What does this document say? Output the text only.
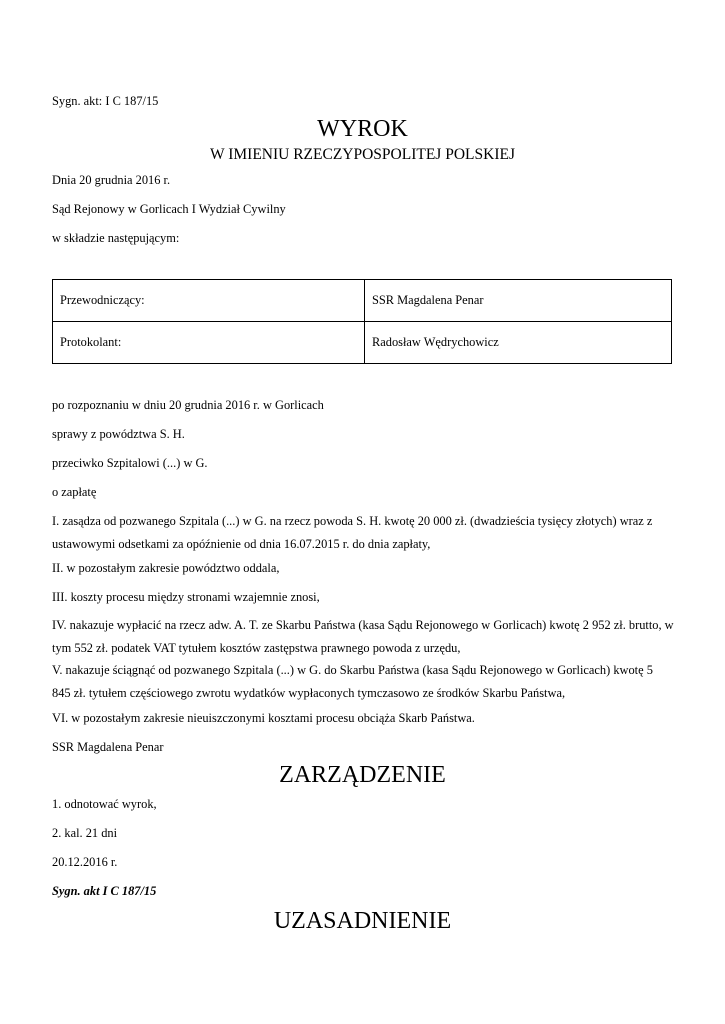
Sygn. akt: I C 187/15
WYROK
W IMIENIU RZECZYPOSPOLITEJ POLSKIEJ
Dnia 20 grudnia 2016 r.
Sąd Rejonowy w Gorlicach I Wydział Cywilny
w składzie następującym:
Przewodniczący:	SSR Magdalena Penar
Protokolant:	Radosław Wędrychowicz
po rozpoznaniu w dniu 20 grudnia 2016 r. w Gorlicach
sprawy z powództwa S. H.
przeciwko Szpitalowi (...) w G.
o zapłatę
I. zasądza od pozwanego Szpitala (...) w G. na rzecz powoda S. H. kwotę 20 000 zł. (dwadzieścia tysięcy złotych) wraz z ustawowymi odsetkami za opóźnienie od dnia 16.07.2015 r. do dnia zapłaty,
II. w pozostałym zakresie powództwo oddala,
III. koszty procesu między stronami wzajemnie znosi,
IV. nakazuje wypłacić na rzecz adw. A. T. ze Skarbu Państwa (kasa Sądu Rejonowego w Gorlicach) kwotę 2 952 zł. brutto, w tym 552 zł. podatek VAT tytułem kosztów zastępstwa prawnego powoda z urzędu,
V. nakazuje ściągnąć od pozwanego Szpitala (...) w G. do Skarbu Państwa (kasa Sądu Rejonowego w Gorlicach) kwotę 5 845 zł. tytułem częściowego zwrotu wydatków wypłaconych tymczasowo ze środków Skarbu Państwa,
VI. w pozostałym zakresie nieuiszczonymi kosztami procesu obciąża Skarb Państwa.
SSR Magdalena Penar
ZARZĄDZENIE
1. odnotować wyrok,
2. kal. 21 dni
20.12.2016 r.
Sygn. akt I C 187/15
UZASADNIENIE
